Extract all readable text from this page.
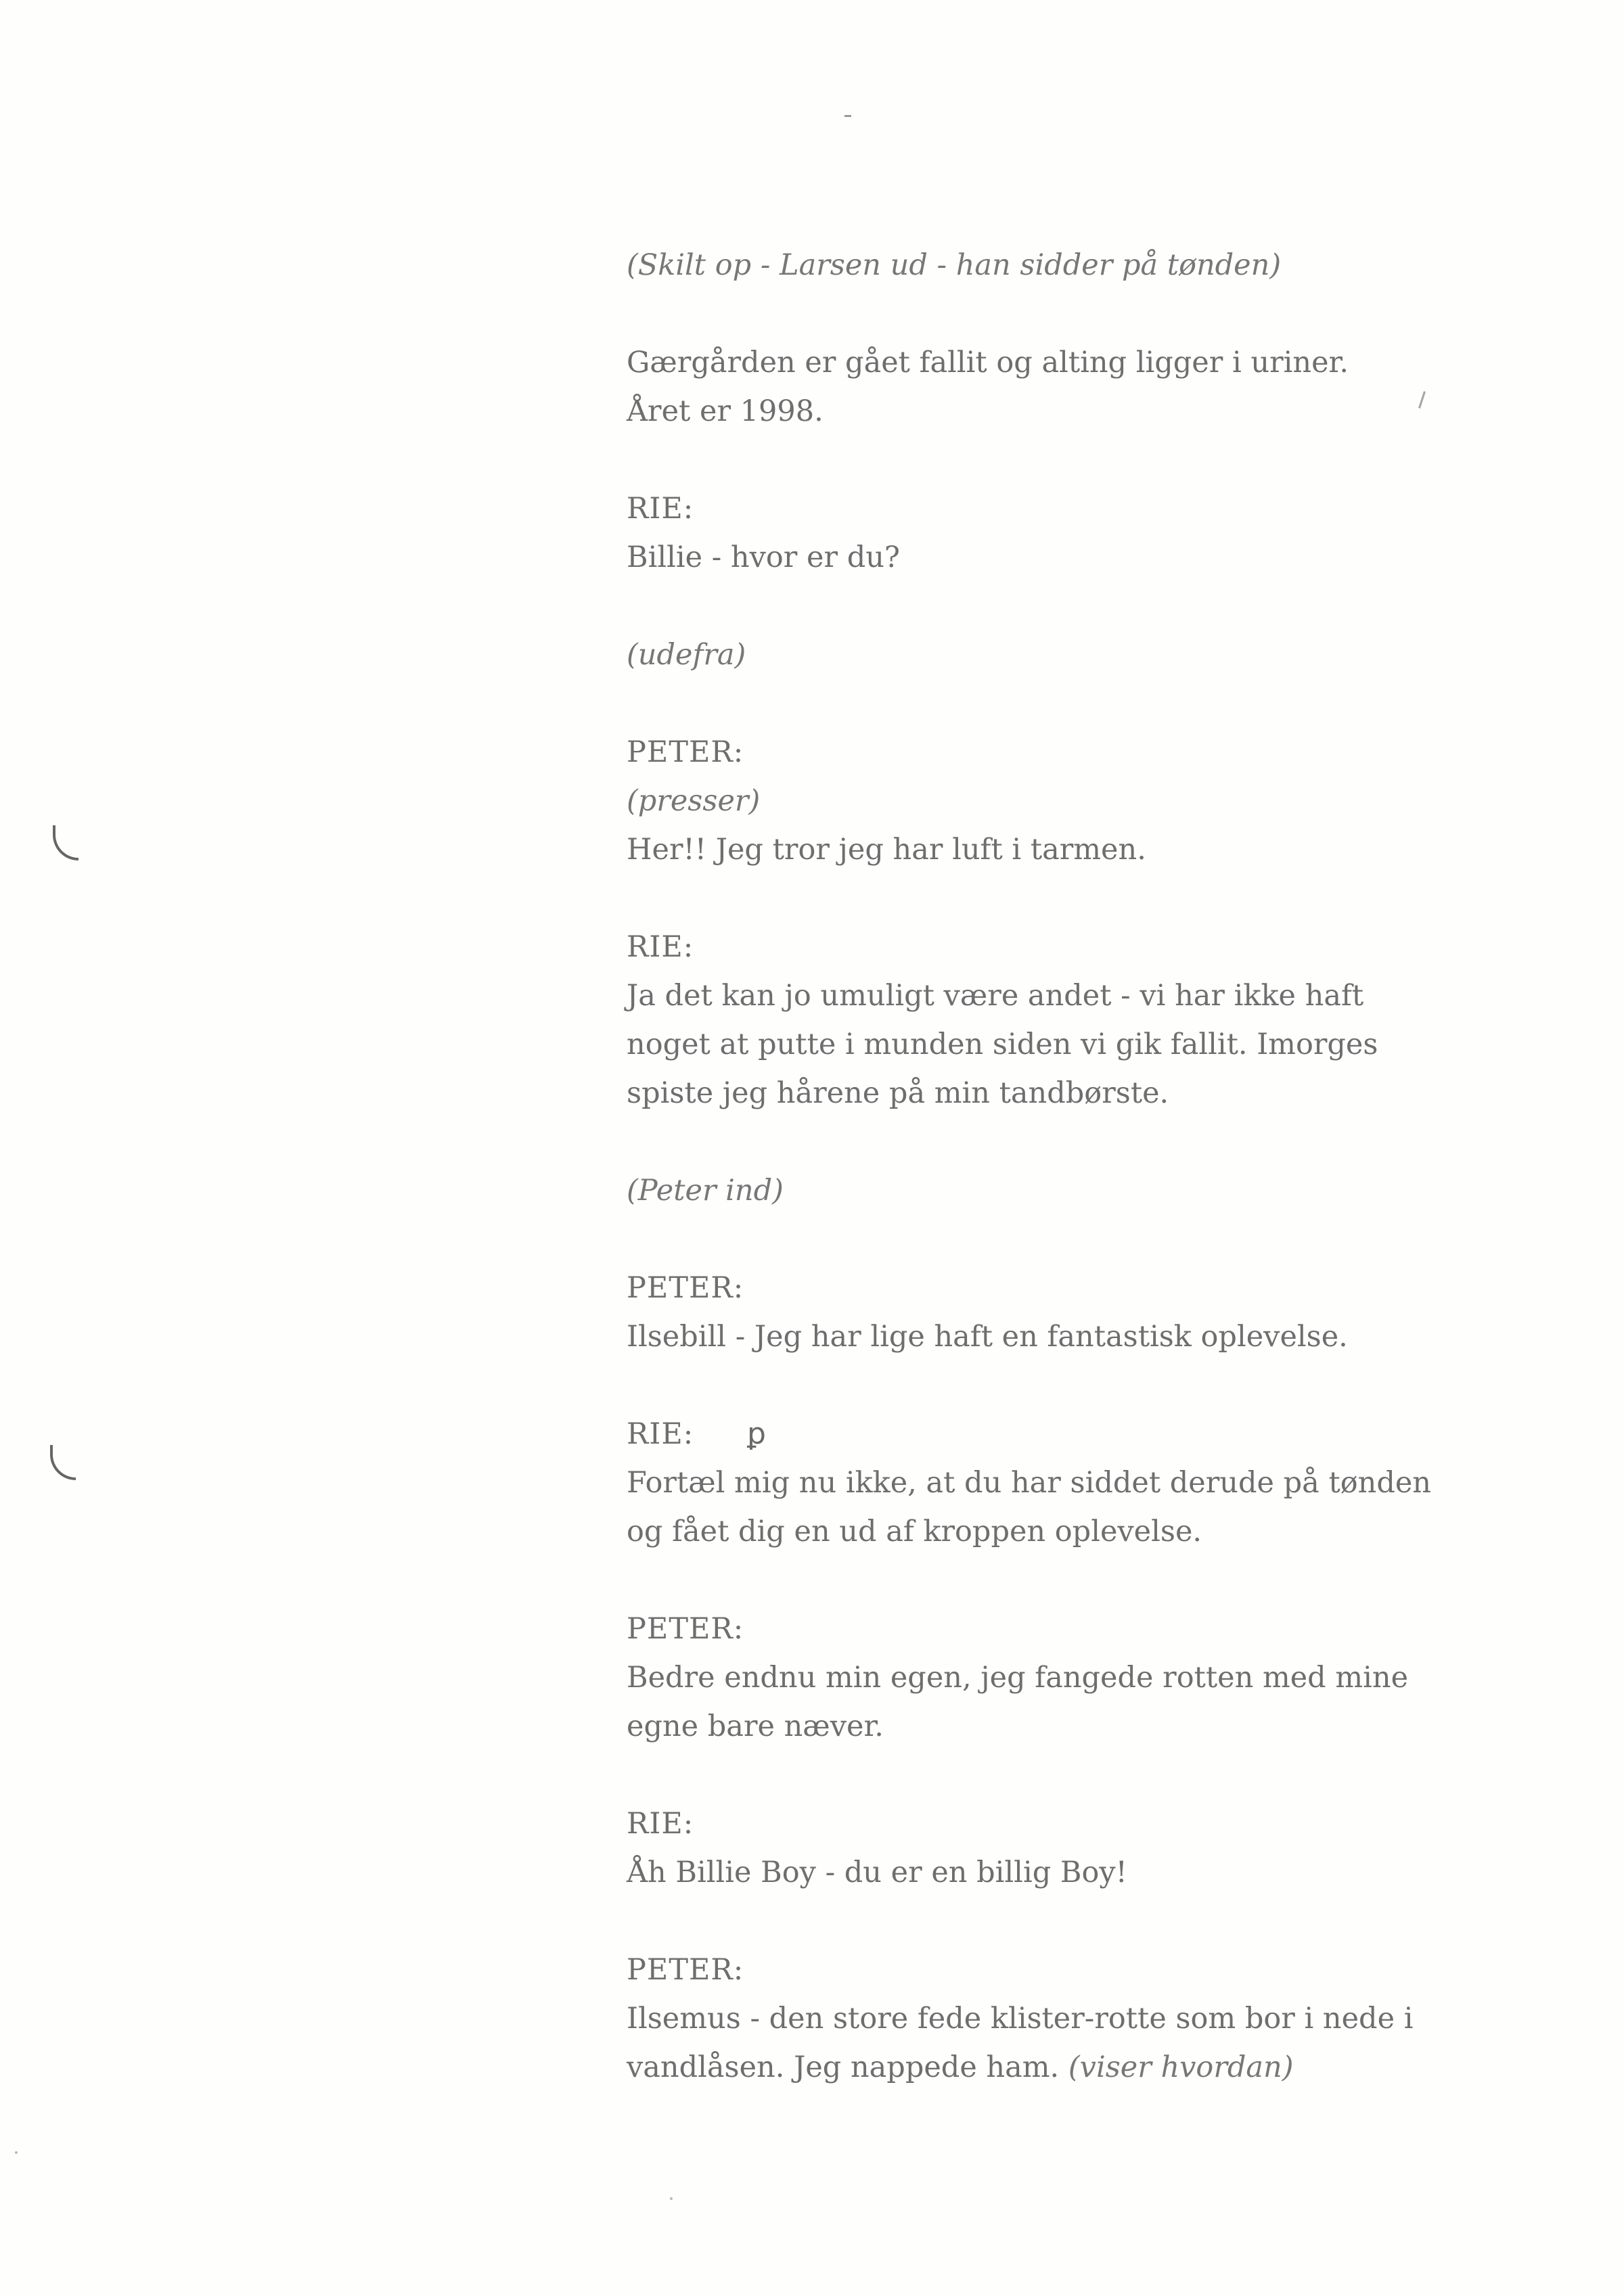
ꝑ

(Skilt op - Larsen ud - han sidder på tønden)

Gærgården er gået fallit og alting ligger i uriner.
Året er 1998.

RIE:
Billie - hvor er du?

(udefra)

PETER:
(presser)
Her!! Jeg tror jeg har luft i tarmen.

RIE:
Ja det kan jo umuligt være andet - vi har ikke haft
noget at putte i munden siden vi gik fallit. Imorges
spiste jeg hårene på min tandbørste.

(Peter ind)

PETER:
Ilsebill - Jeg har lige haft en fantastisk oplevelse.

RIE:
Fortæl mig nu ikke, at du har siddet derude på tønden
og fået dig en ud af kroppen oplevelse.

PETER:
Bedre endnu min egen, jeg fangede rotten med mine
egne bare næver.

RIE:
Åh Billie Boy - du er en billig Boy!

PETER:
Ilsemus - den store fede klister-rotte som bor i nede i
vandlåsen. Jeg nappede ham. (viser hvordan)
